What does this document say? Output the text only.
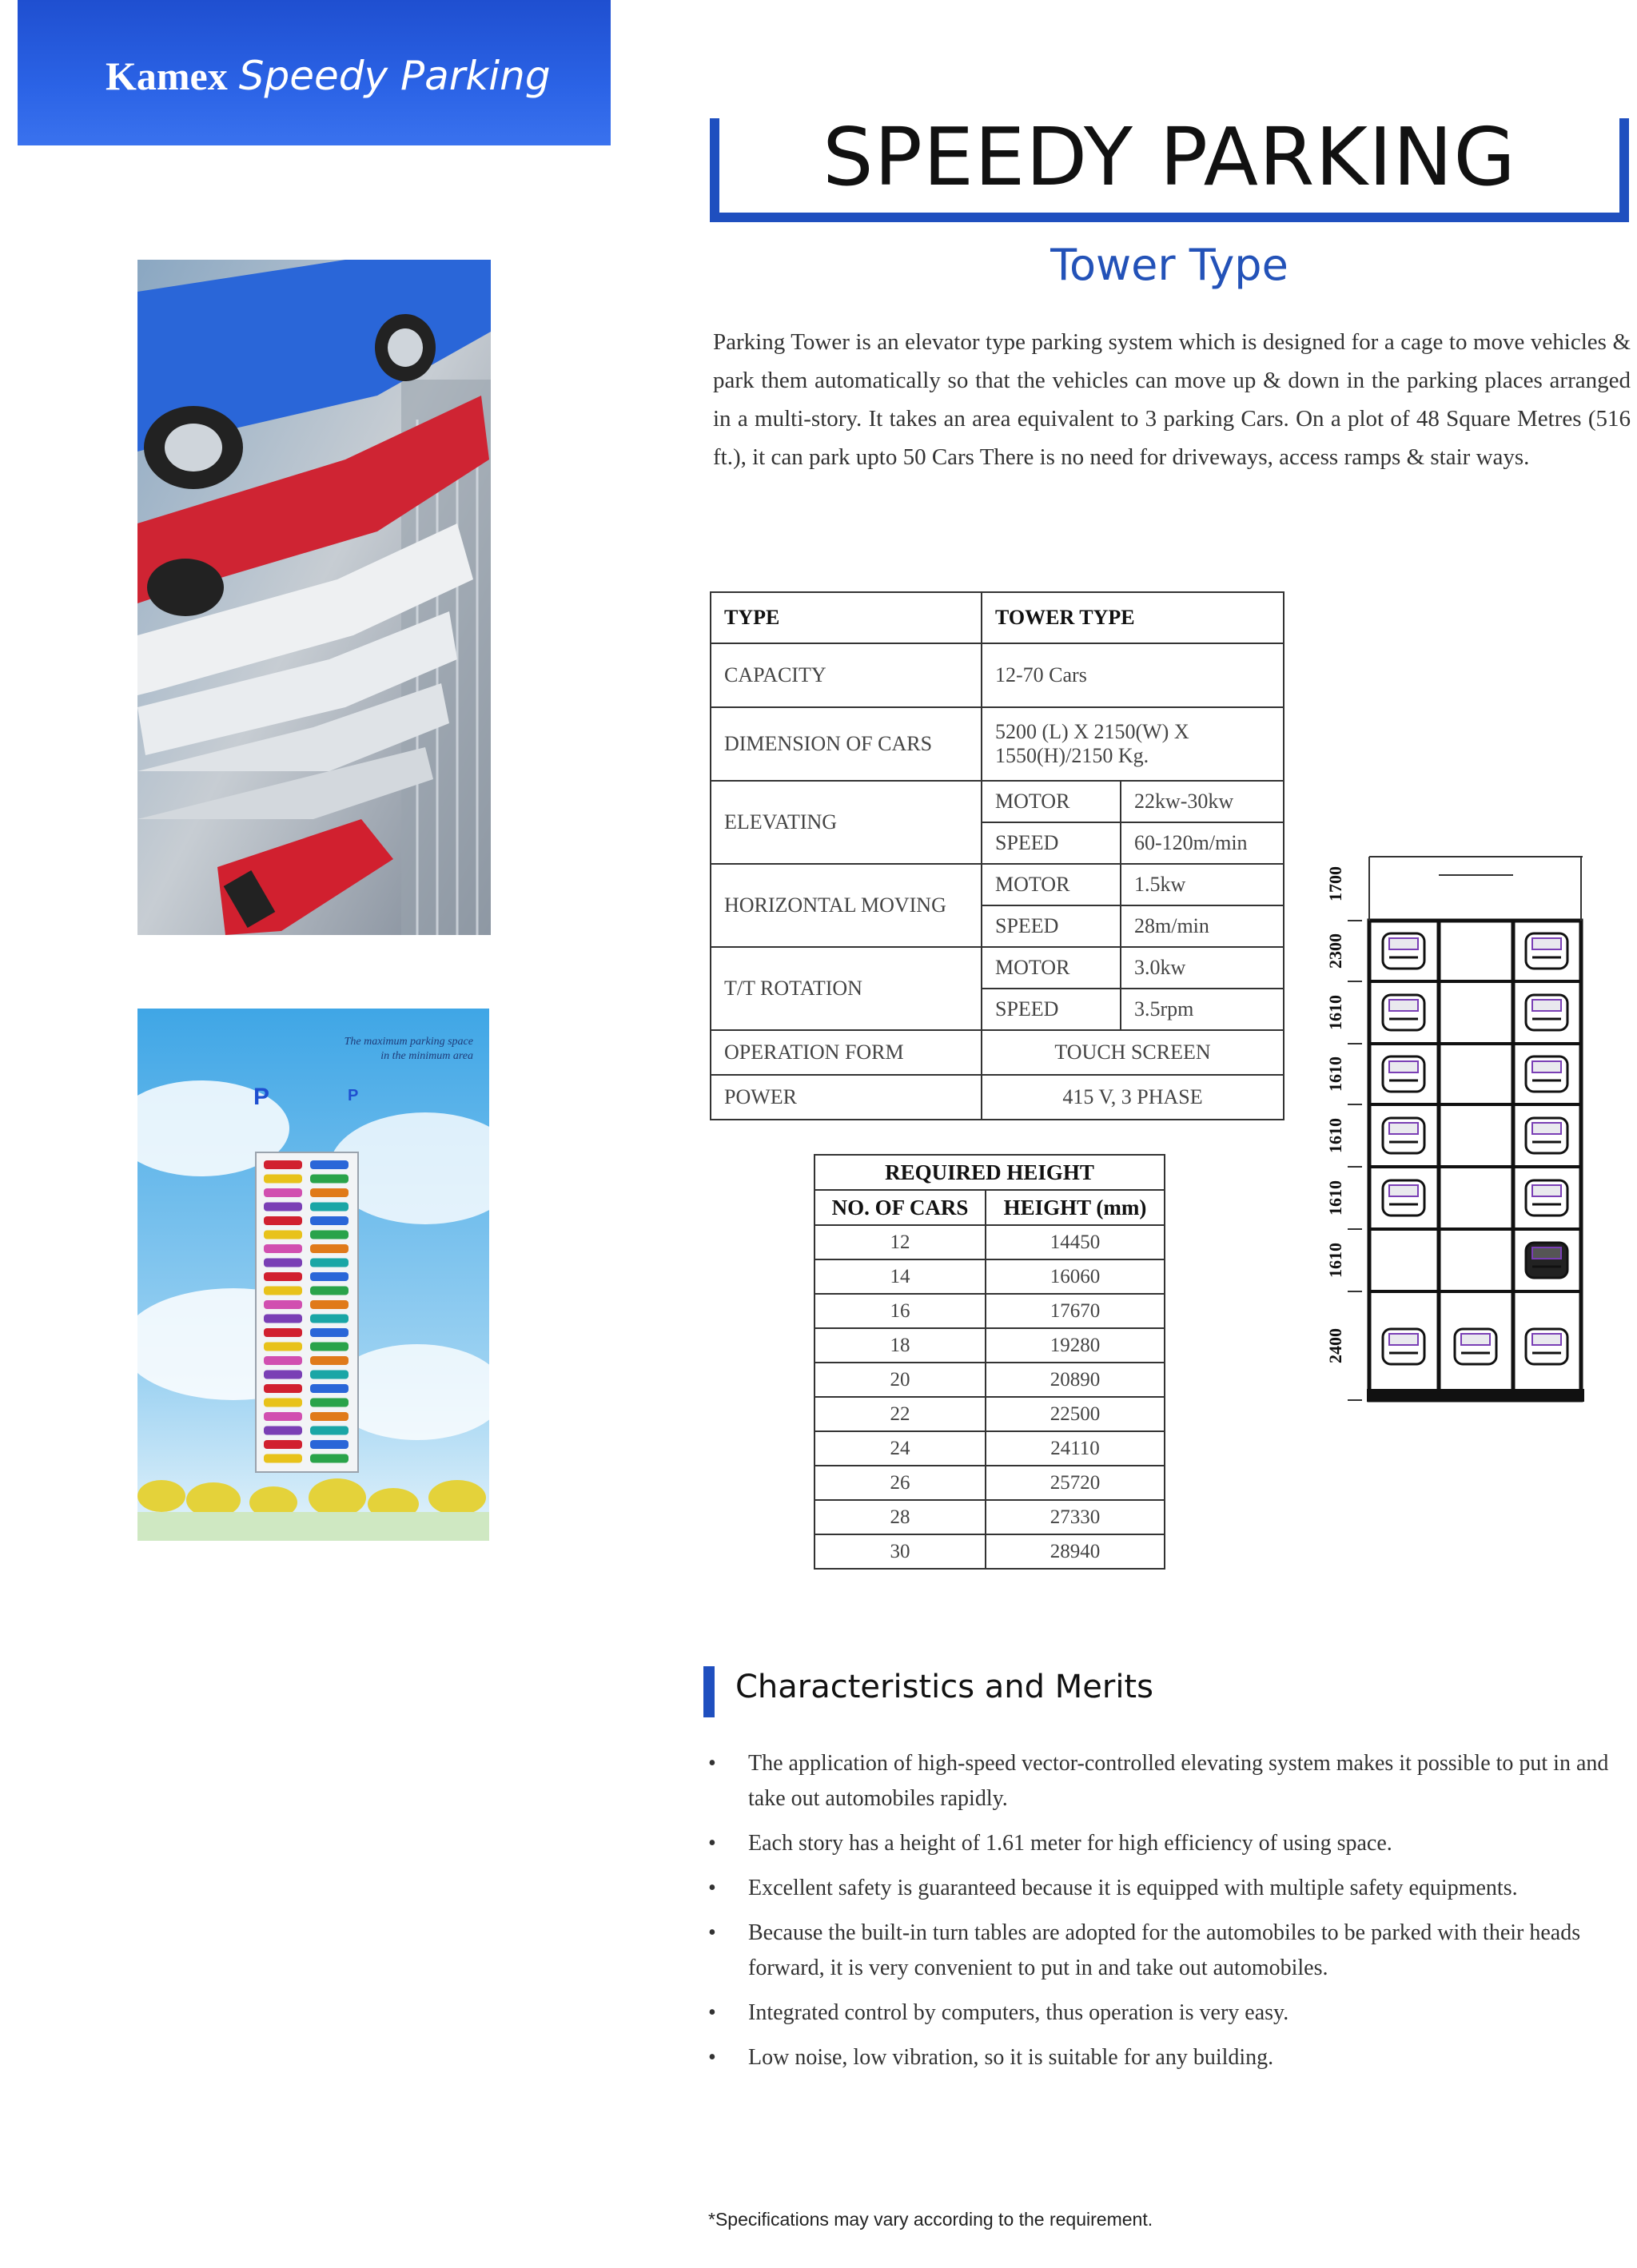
Kamex Speedy Parking
SPEEDY PARKING
Tower Type
Parking Tower is an elevator type parking system which is designed for a cage to move vehicles & park them automatically so that the vehicles can move up & down in the parking places arranged in a multi-story. It takes an area equivalent to 3 parking Cars. On a plot of 48 Square Metres (516 ft.), it can park upto 50 Cars There is no need for driveways, access ramps & stair ways.
P	P
The maximum parking space
in the minimum area
TYPE	TOWER TYPE	
CAPACITY	12-70 Cars	
DIMENSION OF CARS	5200 (L) X 2150(W) X
1550(H)/2150 Kg.	
ELEVATING	MOTOR	22kw-30kw
	SPEED	60-120m/min
HORIZONTAL MOVING	MOTOR	1.5kw
	SPEED	28m/min
T/T ROTATION	MOTOR	3.0kw
	SPEED	3.5rpm
OPERATION FORM	TOUCH SCREEN	
POWER	415 V, 3 PHASE	
REQUIRED HEIGHT	
NO. OF CARS	HEIGHT (mm)
12	14450
14	16060
16	17670
18	19280
20	20890
22	22500
24	24110
26	25720
28	27330
30	28940
1700
2300
1610
1610
1610
1610
1610
2400
Characteristics and Merits
• The application of high-speed vector-controlled elevating system makes it possible to put in and take out automobiles rapidly.
• Each story has a height of 1.61 meter for high efficiency of using space.
• Excellent safety is guaranteed because it is equipped with multiple safety equipments.
• Because the built-in turn tables are adopted for the automobiles to be parked with their heads forward, it is very convenient to put in and take out automobiles.
• Integrated control by computers, thus operation is very easy.
• Low noise, low vibration, so it is suitable for any building.
*Specifications may vary according to the requirement.
